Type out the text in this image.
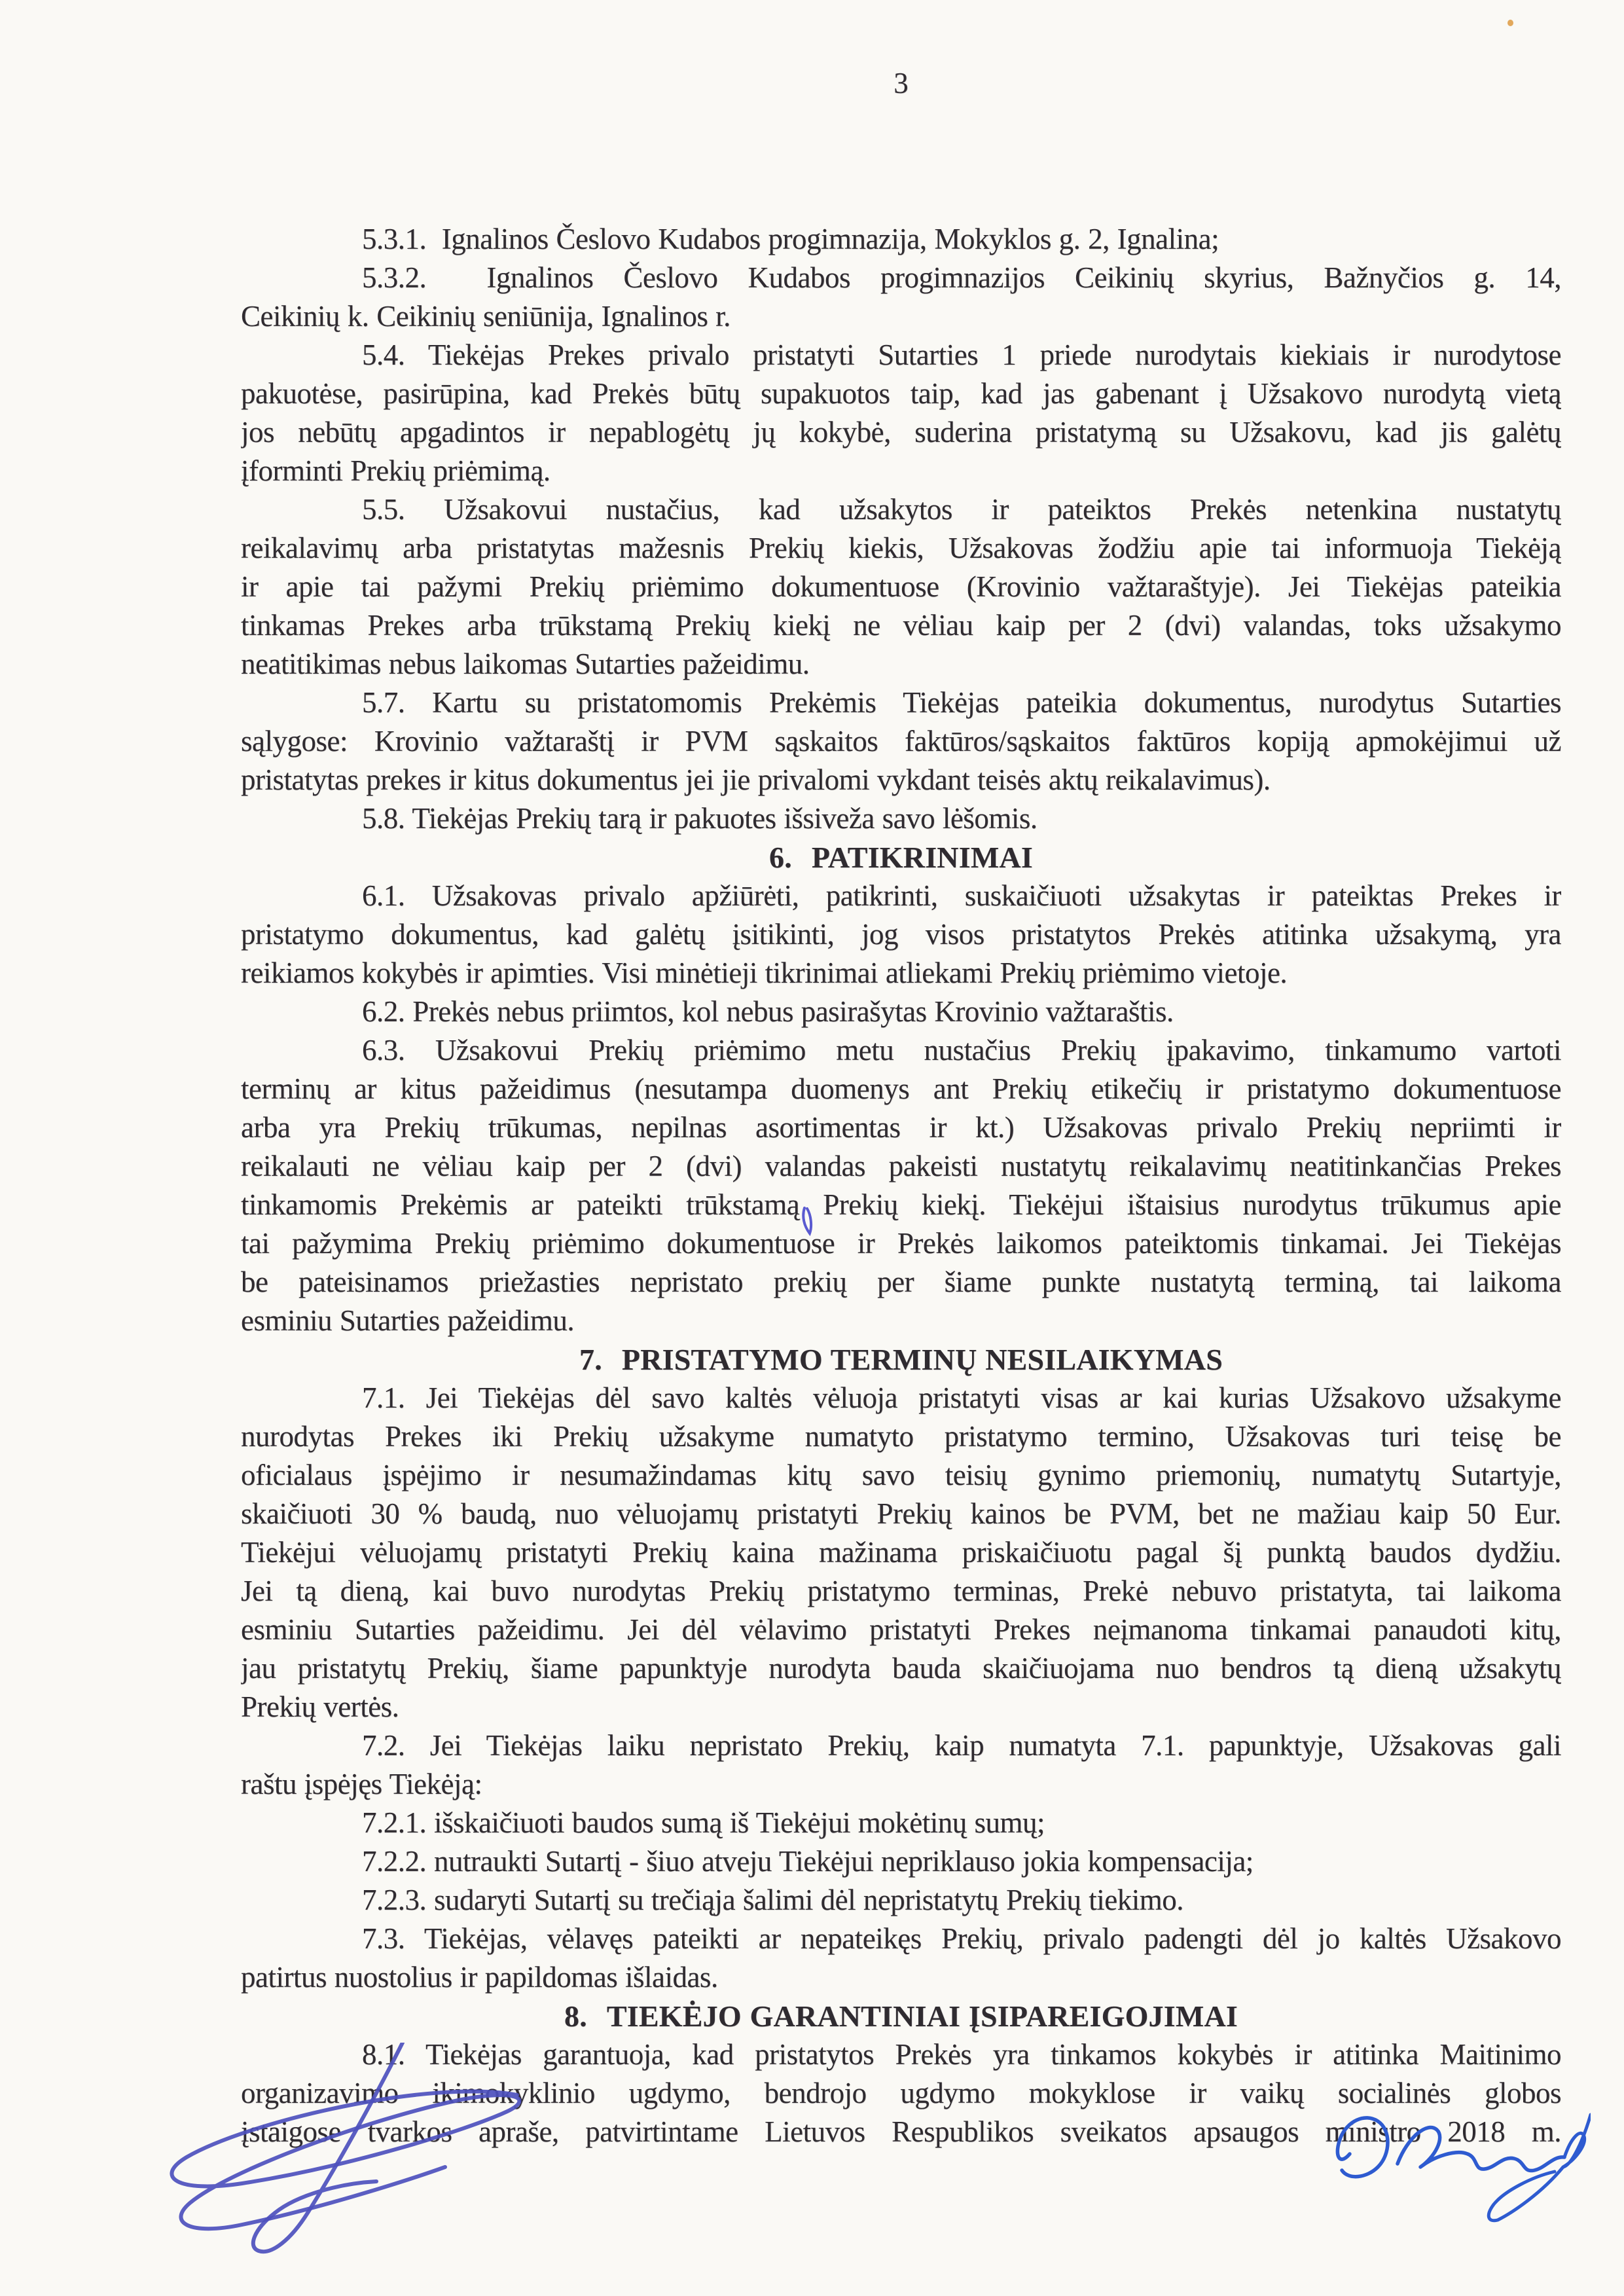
3
5.3.1.  Ignalinos Česlovo Kudabos progimnazija, Mokyklos g. 2, Ignalina;
5.3.2.  Ignalinos Česlovo Kudabos progimnazijos Ceikinių skyrius, Bažnyčios g. 14,
Ceikinių k. Ceikinių seniūnija, Ignalinos r.
5.4. Tiekėjas Prekes privalo pristatyti Sutarties 1 priede nurodytais kiekiais ir nurodytose
pakuotėse, pasirūpina, kad Prekės būtų supakuotos taip, kad jas gabenant į Užsakovo nurodytą vietą
jos nebūtų apgadintos ir nepablogėtų jų kokybė, suderina pristatymą su Užsakovu, kad jis galėtų
įforminti Prekių priėmimą.
5.5. Užsakovui nustačius, kad užsakytos ir pateiktos Prekės netenkina nustatytų
reikalavimų arba pristatytas mažesnis Prekių kiekis, Užsakovas žodžiu apie tai informuoja Tiekėją
ir apie tai pažymi Prekių priėmimo dokumentuose (Krovinio važtaraštyje). Jei Tiekėjas pateikia
tinkamas Prekes arba trūkstamą Prekių kiekį ne vėliau kaip per 2 (dvi) valandas, toks užsakymo
neatitikimas nebus laikomas Sutarties pažeidimu.
5.7. Kartu su pristatomomis Prekėmis Tiekėjas pateikia dokumentus, nurodytus Sutarties
sąlygose: Krovinio važtaraštį ir PVM sąskaitos faktūros/sąskaitos faktūros kopiją apmokėjimui už
pristatytas prekes ir kitus dokumentus jei jie privalomi vykdant teisės aktų reikalavimus).
5.8. Tiekėjas Prekių tarą ir pakuotes išsiveža savo lėšomis.
6. PATIKRINIMAI
6.1. Užsakovas privalo apžiūrėti, patikrinti, suskaičiuoti užsakytas ir pateiktas Prekes ir
pristatymo dokumentus, kad galėtų įsitikinti, jog visos pristatytos Prekės atitinka užsakymą, yra
reikiamos kokybės ir apimties. Visi minėtieji tikrinimai atliekami Prekių priėmimo vietoje.
6.2. Prekės nebus priimtos, kol nebus pasirašytas Krovinio važtaraštis.
6.3. Užsakovui Prekių priėmimo metu nustačius Prekių įpakavimo, tinkamumo vartoti
terminų ar kitus pažeidimus (nesutampa duomenys ant Prekių etikečių ir pristatymo dokumentuose
arba yra Prekių trūkumas, nepilnas asortimentas ir kt.) Užsakovas privalo Prekių nepriimti ir
reikalauti ne vėliau kaip per 2 (dvi) valandas pakeisti nustatytų reikalavimų neatitinkančias Prekes
tinkamomis Prekėmis ar pateikti trūkstamą Prekių kiekį. Tiekėjui ištaisius nurodytus trūkumus apie
tai pažymima Prekių priėmimo dokumentuose ir Prekės laikomos pateiktomis tinkamai. Jei Tiekėjas
be pateisinamos priežasties nepristato prekių per šiame punkte nustatytą terminą, tai laikoma
esminiu Sutarties pažeidimu.
7. PRISTATYMO TERMINŲ NESILAIKYMAS
7.1. Jei Tiekėjas dėl savo kaltės vėluoja pristatyti visas ar kai kurias Užsakovo užsakyme
nurodytas Prekes iki Prekių užsakyme numatyto pristatymo termino, Užsakovas turi teisę be
oficialaus įspėjimo ir nesumažindamas kitų savo teisių gynimo priemonių, numatytų Sutartyje,
skaičiuoti 30 % baudą, nuo vėluojamų pristatyti Prekių kainos be PVM, bet ne mažiau kaip 50 Eur.
Tiekėjui vėluojamų pristatyti Prekių kaina mažinama priskaičiuotu pagal šį punktą baudos dydžiu.
Jei tą dieną, kai buvo nurodytas Prekių pristatymo terminas, Prekė nebuvo pristatyta, tai laikoma
esminiu Sutarties pažeidimu. Jei dėl vėlavimo pristatyti Prekes neįmanoma tinkamai panaudoti kitų,
jau pristatytų Prekių, šiame papunktyje nurodyta bauda skaičiuojama nuo bendros tą dieną užsakytų
Prekių vertės.
7.2. Jei Tiekėjas laiku nepristato Prekių, kaip numatyta 7.1. papunktyje, Užsakovas gali
raštu įspėjęs Tiekėją:
7.2.1. išskaičiuoti baudos sumą iš Tiekėjui mokėtinų sumų;
7.2.2. nutraukti Sutartį - šiuo atveju Tiekėjui nepriklauso jokia kompensacija;
7.2.3. sudaryti Sutartį su trečiąja šalimi dėl nepristatytų Prekių tiekimo.
7.3. Tiekėjas, vėlavęs pateikti ar nepateikęs Prekių, privalo padengti dėl jo kaltės Užsakovo
patirtus nuostolius ir papildomas išlaidas.
8. TIEKĖJO GARANTINIAI ĮSIPAREIGOJIMAI
8.1. Tiekėjas garantuoja, kad pristatytos Prekės yra tinkamos kokybės ir atitinka Maitinimo
organizavimo ikimokyklinio ugdymo, bendrojo ugdymo mokyklose ir vaikų socialinės globos
įstaigose tvarkos apraše, patvirtintame Lietuvos Respublikos sveikatos apsaugos ministro 2018 m.
